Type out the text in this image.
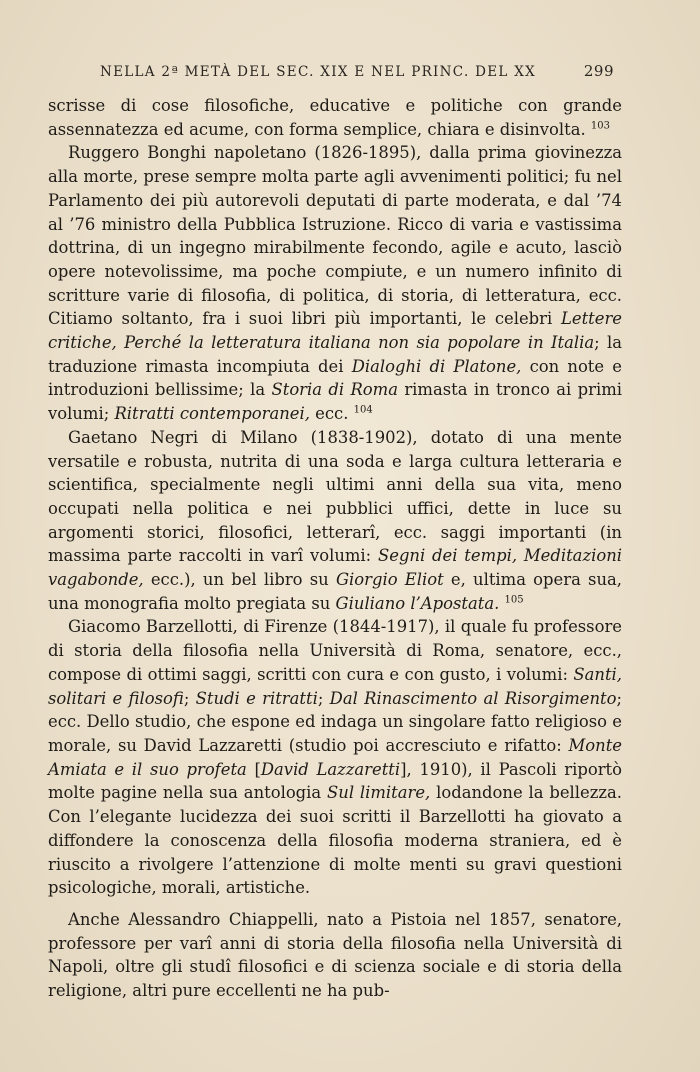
NELLA 2ª METÀ DEL SEC. XIX E NEL PRINC. DEL XX	299

scrisse di cose filosofiche, educative e politiche con grande assennatezza ed acume, con forma semplice, chiara e disinvolta. $^{103}$

Ruggero Bonghi napoletano (1826-1895), dalla prima giovinezza alla morte, prese sempre molta parte agli avvenimenti politici; fu nel Parlamento dei più autorevoli deputati di parte moderata, e dal ’74 al ’76 ministro della Pubblica Istruzione. Ricco di varia e vastissima dottrina, di un ingegno mirabilmente fecondo, agile e acuto, lasciò opere notevolissime, ma poche compiute, e un numero infinito di scritture varie di filosofia, di politica, di storia, di letteratura, ecc. Citiamo soltanto, fra i suoi libri più importanti, le celebri Lettere critiche, Perché la letteratura italiana non sia popolare in Italia; la traduzione rimasta incompiuta dei Dialoghi di Platone, con note e introduzioni bellissime; la Storia di Roma rimasta in tronco ai primi volumi; Ritratti contemporanei, ecc. $^{104}$

Gaetano Negri di Milano (1838-1902), dotato di una mente versatile e robusta, nutrita di una soda e larga cultura letteraria e scientifica, specialmente negli ultimi anni della sua vita, meno occupati nella politica e nei pubblici uffici, dette in luce su argomenti storici, filosofici, letterarî, ecc. saggi importanti (in massima parte raccolti in varî volumi: Segni dei tempi, Meditazioni vagabonde, ecc.), un bel libro su Giorgio Eliot e, ultima opera sua, una monografia molto pregiata su Giuliano l’Apostata. $^{105}$

Giacomo Barzellotti, di Firenze (1844-1917), il quale fu professore di storia della filosofia nella Università di Roma, senatore, ecc., compose di ottimi saggi, scritti con cura e con gusto, i volumi: Santi, solitari e filosofi; Studi e ritratti; Dal Rinascimento al Risorgimento; ecc. Dello studio, che espone ed indaga un singolare fatto religioso e morale, su David Lazzaretti (studio poi accresciuto e rifatto: Monte Amiata e il suo profeta [David Lazzaretti], 1910), il Pascoli riportò molte pagine nella sua antologia Sul limitare, lodandone la bellezza. Con l’elegante lucidezza dei suoi scritti il Barzellotti ha giovato a diffondere la conoscenza della filosofia moderna straniera, ed è riuscito a rivolgere l’attenzione di molte menti su gravi questioni psicologiche, morali, artistiche.

Anche Alessandro Chiappelli, nato a Pistoia nel 1857, senatore, professore per varî anni di storia della filosofia nella Università di Napoli, oltre gli studî filosofici e di scienza sociale e di storia della religione, altri pure eccellenti ne ha pub-
